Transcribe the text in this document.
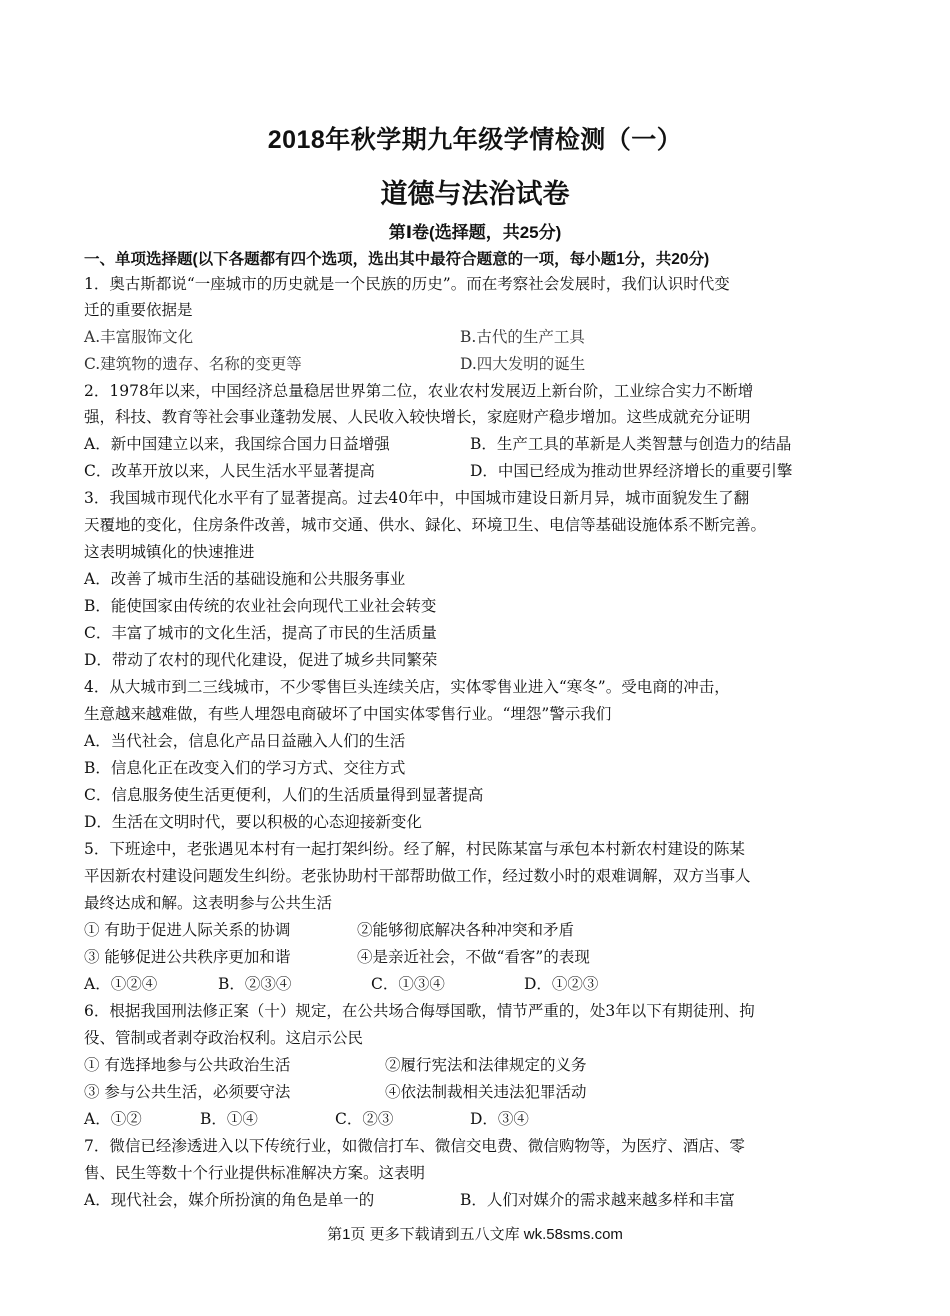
2018年秋学期九年级学情检测（一）
道德与法治试卷
第Ⅰ卷(选择题，共25分)
一、单项选择题(以下各题都有四个选项，选出其中最符合题意的一项，每小题1分，共20分)
1．奥古斯都说“一座城市的历史就是一个民族的历史”。而在考察社会发展时，我们认识时代变
迁的重要依据是
A.丰富服饰文化	B.古代的生产工具
C.建筑物的遗存、名称的变更等	D.四大发明的诞生
2．1978年以来，中国经济总量稳居世界第二位，农业农村发展迈上新台阶，工业综合实力不断增
强，科技、教育等社会事业蓬勃发展、人民收入较快增长，家庭财产稳步增加。这些成就充分证明
A．新中国建立以来，我国综合国力日益增强	B．生产工具的革新是人类智慧与创造力的结晶
C．改革开放以来，人民生活水平显著提高	D．中国已经成为推动世界经济增长的重要引擎
3．我国城市现代化水平有了显著提高。过去40年中，中国城市建设日新月异，城市面貌发生了翻
天覆地的变化，住房条件改善，城市交通、供水、録化、环境卫生、电信等基础设施体系不断完善。
这表明城镇化的快速推进
A．改善了城市生活的基础设施和公共服务事业
B．能使国家由传统的农业社会向现代工业社会转变
C．丰富了城市的文化生活，提高了市民的生活质量
D．带动了农村的现代化建设，促进了城乡共同繁荣
4．从大城市到二三线城市，不少零售巨头连续关店，实体零售业进入“寒冬”。受电商的冲击，
生意越来越难做，有些人埋怨电商破坏了中国实体零售行业。“埋怨”警示我们
A．当代社会，信息化产品日益融入人们的生活
B．信息化正在改变入们的学习方式、交往方式
C．信息服务使生活更便利，人们的生活质量得到显著提高
D．生活在文明时代，要以积极的心态迎接新变化
5．下班途中，老张遇见本村有一起打架纠纷。经了解，村民陈某富与承包本村新农村建设的陈某
平因新农村建设问题发生纠纷。老张协助村干部帮助做工作，经过数小时的艰难调解，双方当事人
最终达成和解。这表明参与公共生活
① 有助于促进人际关系的协调	②能够彻底解决各种冲突和矛盾
③ 能够促进公共秩序更加和谐	④是亲近社会，不做“看客”的表现
A．①②④	B．②③④	C．①③④	D．①②③
6．根据我国刑法修正案（十）规定，在公共场合侮辱国歌，情节严重的，处3年以下有期徒刑、拘
役、管制或者剥夺政治权利。这启示公民
① 有选择地参与公共政治生活	②履行宪法和法律规定的义务
③ 参与公共生活，必须要守法	④依法制裁相关违法犯罪活动
A．①②	B．①④	C．②③	D．③④
7．微信已经渗透进入以下传统行业，如微信打车、微信交电费、微信购物等，为医疗、酒店、零
售、民生等数十个行业提供标准解决方案。这表明
A．现代社会，媒介所扮演的角色是单一的	B．人们对媒介的需求越来越多样和丰富
第1页 更多下载请到五八文库 wk.58sms.com
